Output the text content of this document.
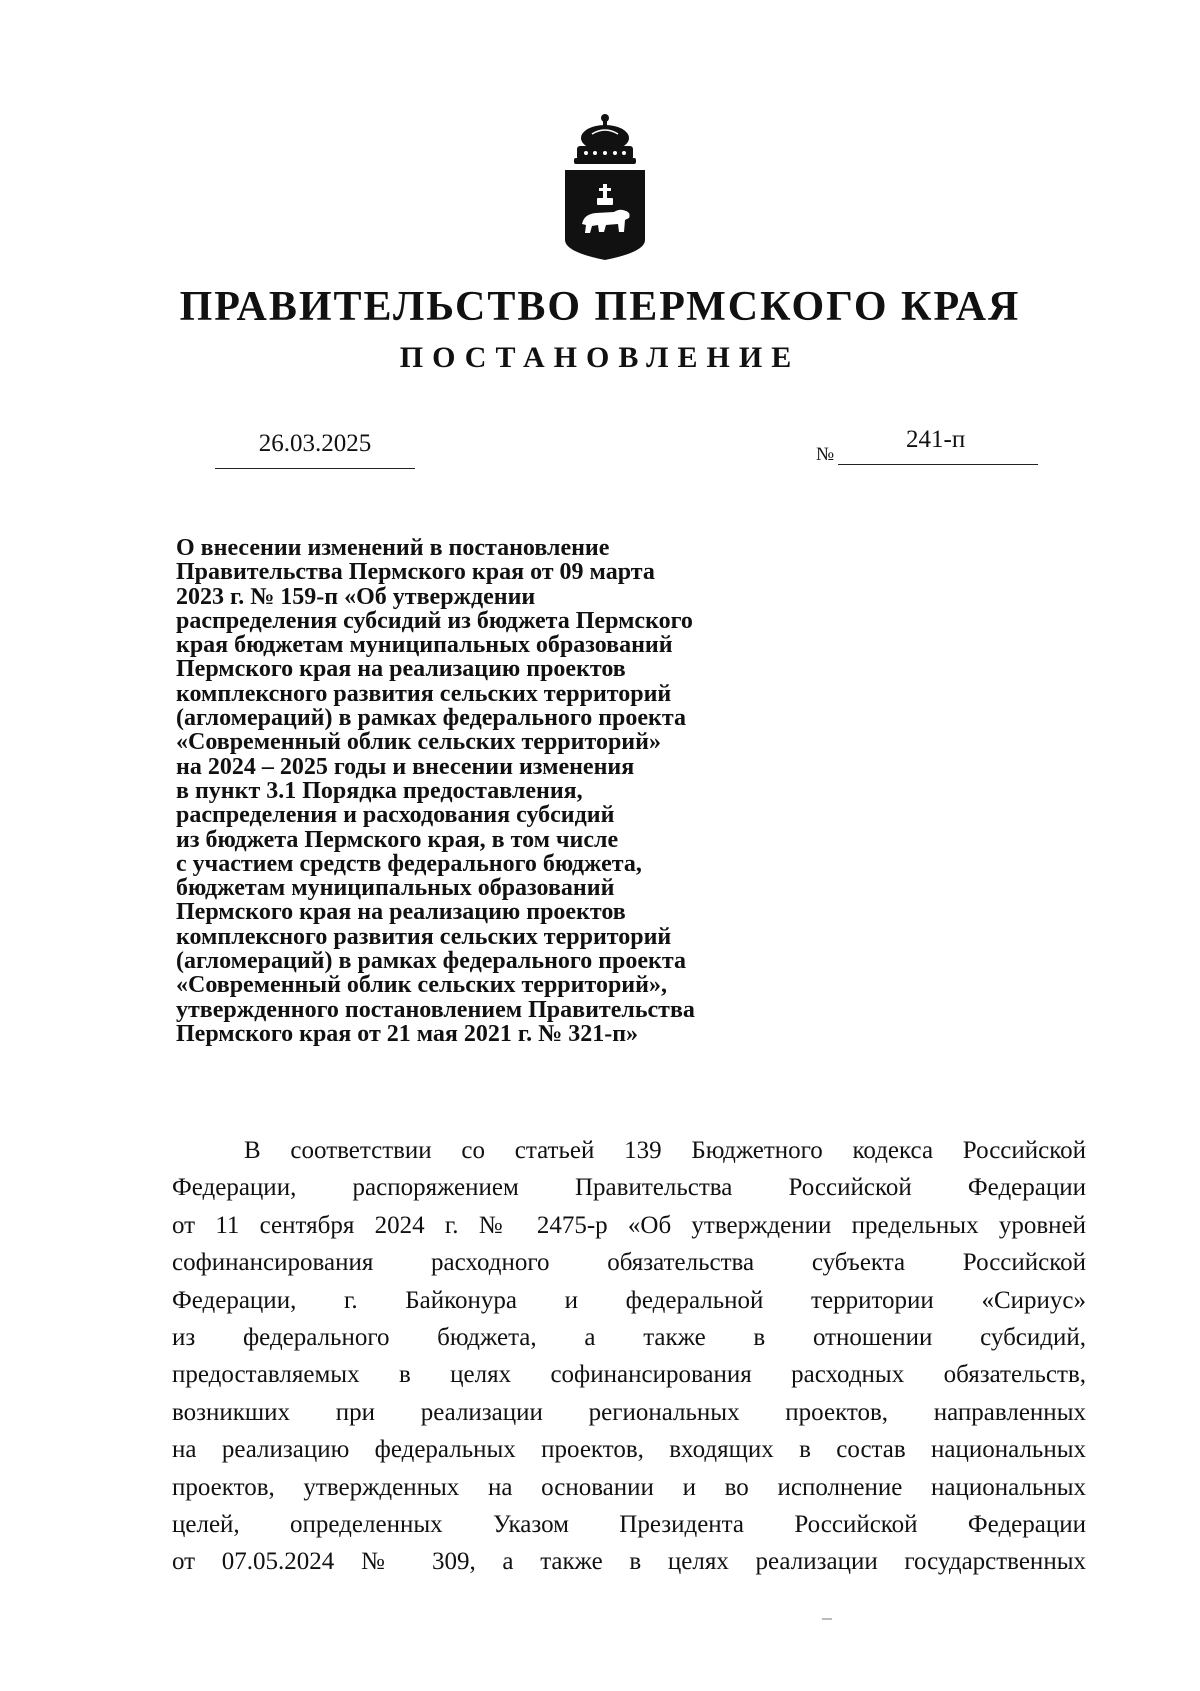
ПРАВИТЕЛЬСТВО ПЕРМСКОГО КРАЯ
ПОСТАНОВЛЕНИЕ
26.03.2025	№
241-п

О внесении изменений в постановление
Правительства Пермского края от 09 марта
2023 г. № 159-п «Об утверждении
распределения субсидий из бюджета Пермского
края бюджетам муниципальных образований
Пермского края на реализацию проектов
комплексного развития сельских территорий
(агломераций) в рамках федерального проекта
«Современный облик сельских территорий»
на 2024 – 2025 годы и внесении изменения
в пункт 3.1 Порядка предоставления,
распределения и расходования субсидий
из бюджета Пермского края, в том числе
с участием средств федерального бюджета,
бюджетам муниципальных образований
Пермского края на реализацию проектов
комплексного развития сельских территорий
(агломераций) в рамках федерального проекта
«Современный облик сельских территорий»,
утвержденного постановлением Правительства
Пермского края от 21 мая 2021 г. № 321-п»

В соответствии со статьей 139 Бюджетного кодекса Российской
Федерации, распоряжением Правительства Российской Федерации
от 11 сентября 2024 г. № 2475-р «Об утверждении предельных уровней
софинансирования расходного обязательства субъекта Российской
Федерации, г. Байконура и федеральной территории «Сириус»
из федерального бюджета, а также в отношении субсидий,
предоставляемых в целях софинансирования расходных обязательств,
возникших при реализации региональных проектов, направленных
на реализацию федеральных проектов, входящих в состав национальных
проектов, утвержденных на основании и во исполнение национальных
целей, определенных Указом Президента Российской Федерации
от 07.05.2024 № 309, а также в целях реализации государственных
